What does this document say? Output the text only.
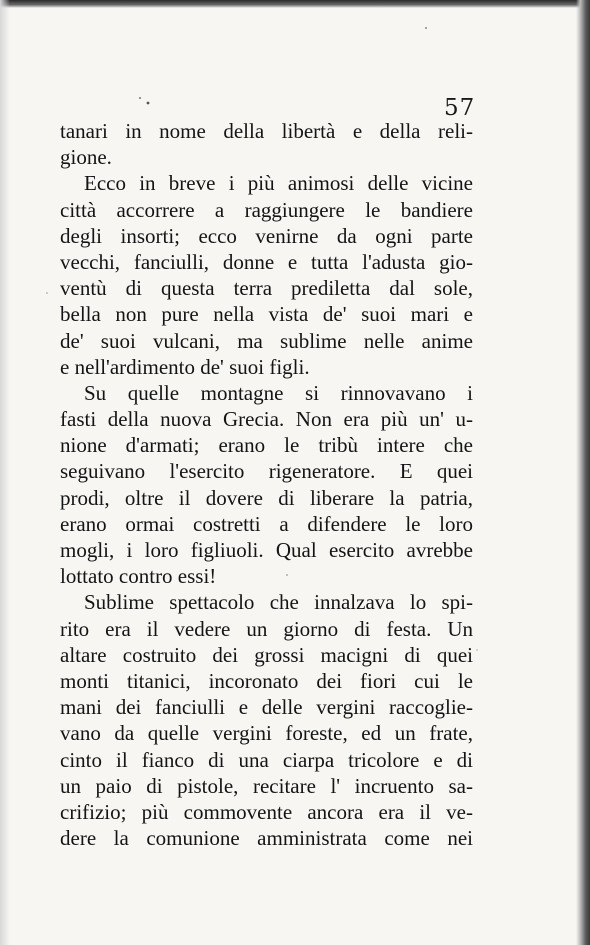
57
tanari in nome della libertà e della reli-
gione.
Ecco in breve i più animosi delle vicine
città accorrere a raggiungere le bandiere
degli insorti; ecco venirne da ogni parte
vecchi, fanciulli, donne e tutta l'adusta gio-
ventù di questa terra prediletta dal sole,
bella non pure nella vista de' suoi mari e
de' suoi vulcani, ma sublime nelle anime
e nell'ardimento de' suoi figli.
Su quelle montagne si rinnovavano i
fasti della nuova Grecia. Non era più un' u-
nione d'armati; erano le tribù intere che
seguivano l'esercito rigeneratore. E quei
prodi, oltre il dovere di liberare la patria,
erano ormai costretti a difendere le loro
mogli, i loro figliuoli. Qual esercito avrebbe
lottato contro essi!
Sublime spettacolo che innalzava lo spi-
rito era il vedere un giorno di festa. Un
altare costruito dei grossi macigni di quei
monti titanici, incoronato dei fiori cui le
mani dei fanciulli e delle vergini raccoglie-
vano da quelle vergini foreste, ed un frate,
cinto il fianco di una ciarpa tricolore e di
un paio di pistole, recitare l' incruento sa-
crifizio; più commovente ancora era il ve-
dere la comunione amministrata come nei
